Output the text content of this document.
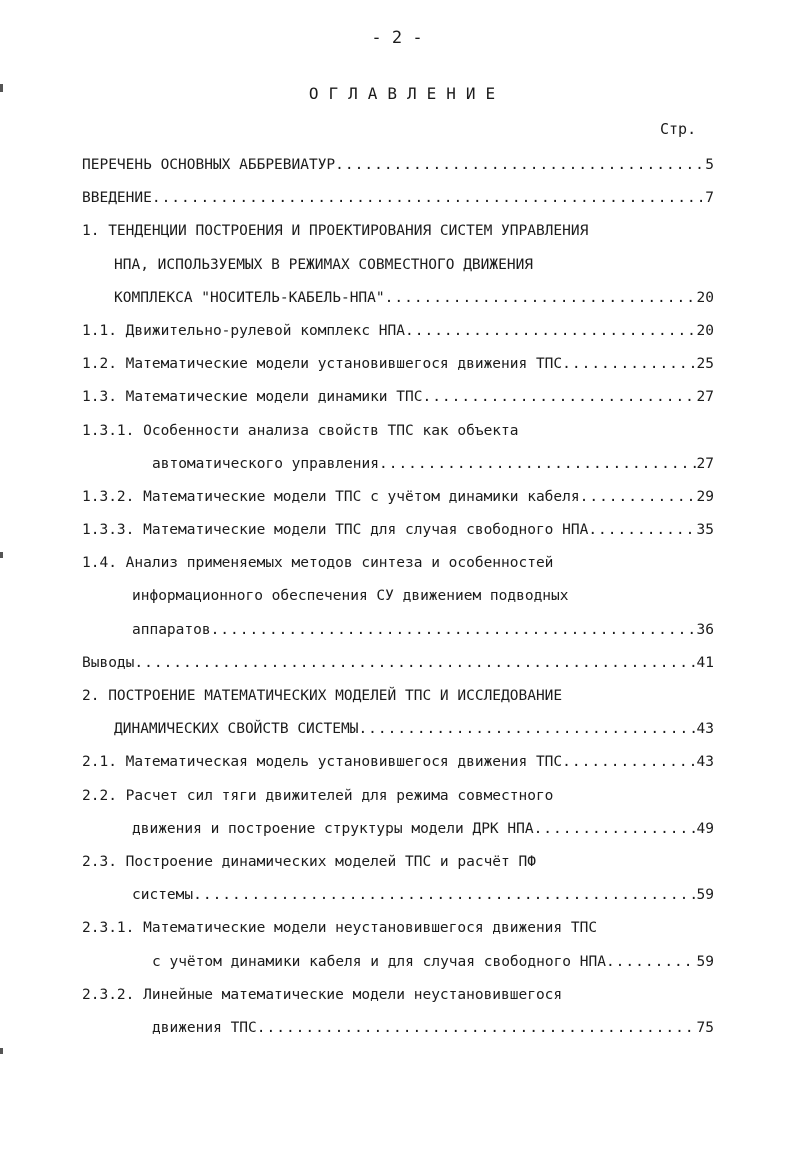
- 2 -
ОГЛАВЛЕНИЕ
Стр.
ПЕРЕЧЕНЬ ОСНОВНЫХ АББРЕВИАТУР .....	5
ВВЕДЕНИЕ .....	7
1. ТЕНДЕНЦИИ ПОСТРОЕНИЯ И ПРОЕКТИРОВАНИЯ СИСТЕМ УПРАВЛЕНИЯ
НПА, ИСПОЛЬЗУЕМЫХ В РЕЖИМАХ СОВМЕСТНОГО ДВИЖЕНИЯ
КОМПЛЕКСА "НОСИТЕЛЬ-КАБЕЛЬ-НПА" .....	20
1.1. Движительно-рулевой комплекс НПА .....	20
1.2. Математические модели установившегося движения ТПС .....	25
1.3. Математические модели динамики ТПС .....	27
1.3.1. Особенности анализа свойств ТПС как объекта
автоматического управления .....	27
1.3.2. Математические модели ТПС с учётом динамики кабеля .....	29
1.3.3. Математические модели ТПС для случая свободного НПА .....	35
1.4. Анализ применяемых методов синтеза и особенностей
информационного обеспечения СУ движением подводных
аппаратов .....	36
Выводы .....	41
2. ПОСТРОЕНИЕ МАТЕМАТИЧЕСКИХ МОДЕЛЕЙ ТПС И ИССЛЕДОВАНИЕ
ДИНАМИЧЕСКИХ СВОЙСТВ СИСТЕМЫ .....	43
2.1. Математическая модель установившегося движения ТПС .....	43
2.2. Расчет сил тяги движителей для режима совместного
движения и построение структуры модели ДРК НПА .....	49
2.3. Построение динамических моделей ТПС и расчёт ПФ
системы .....	59
2.3.1. Математические модели неустановившегося движения ТПС
с учётом динамики кабеля и для случая свободного НПА .....	59
2.3.2. Линейные математические модели неустановившегося
движения ТПС .....	75
